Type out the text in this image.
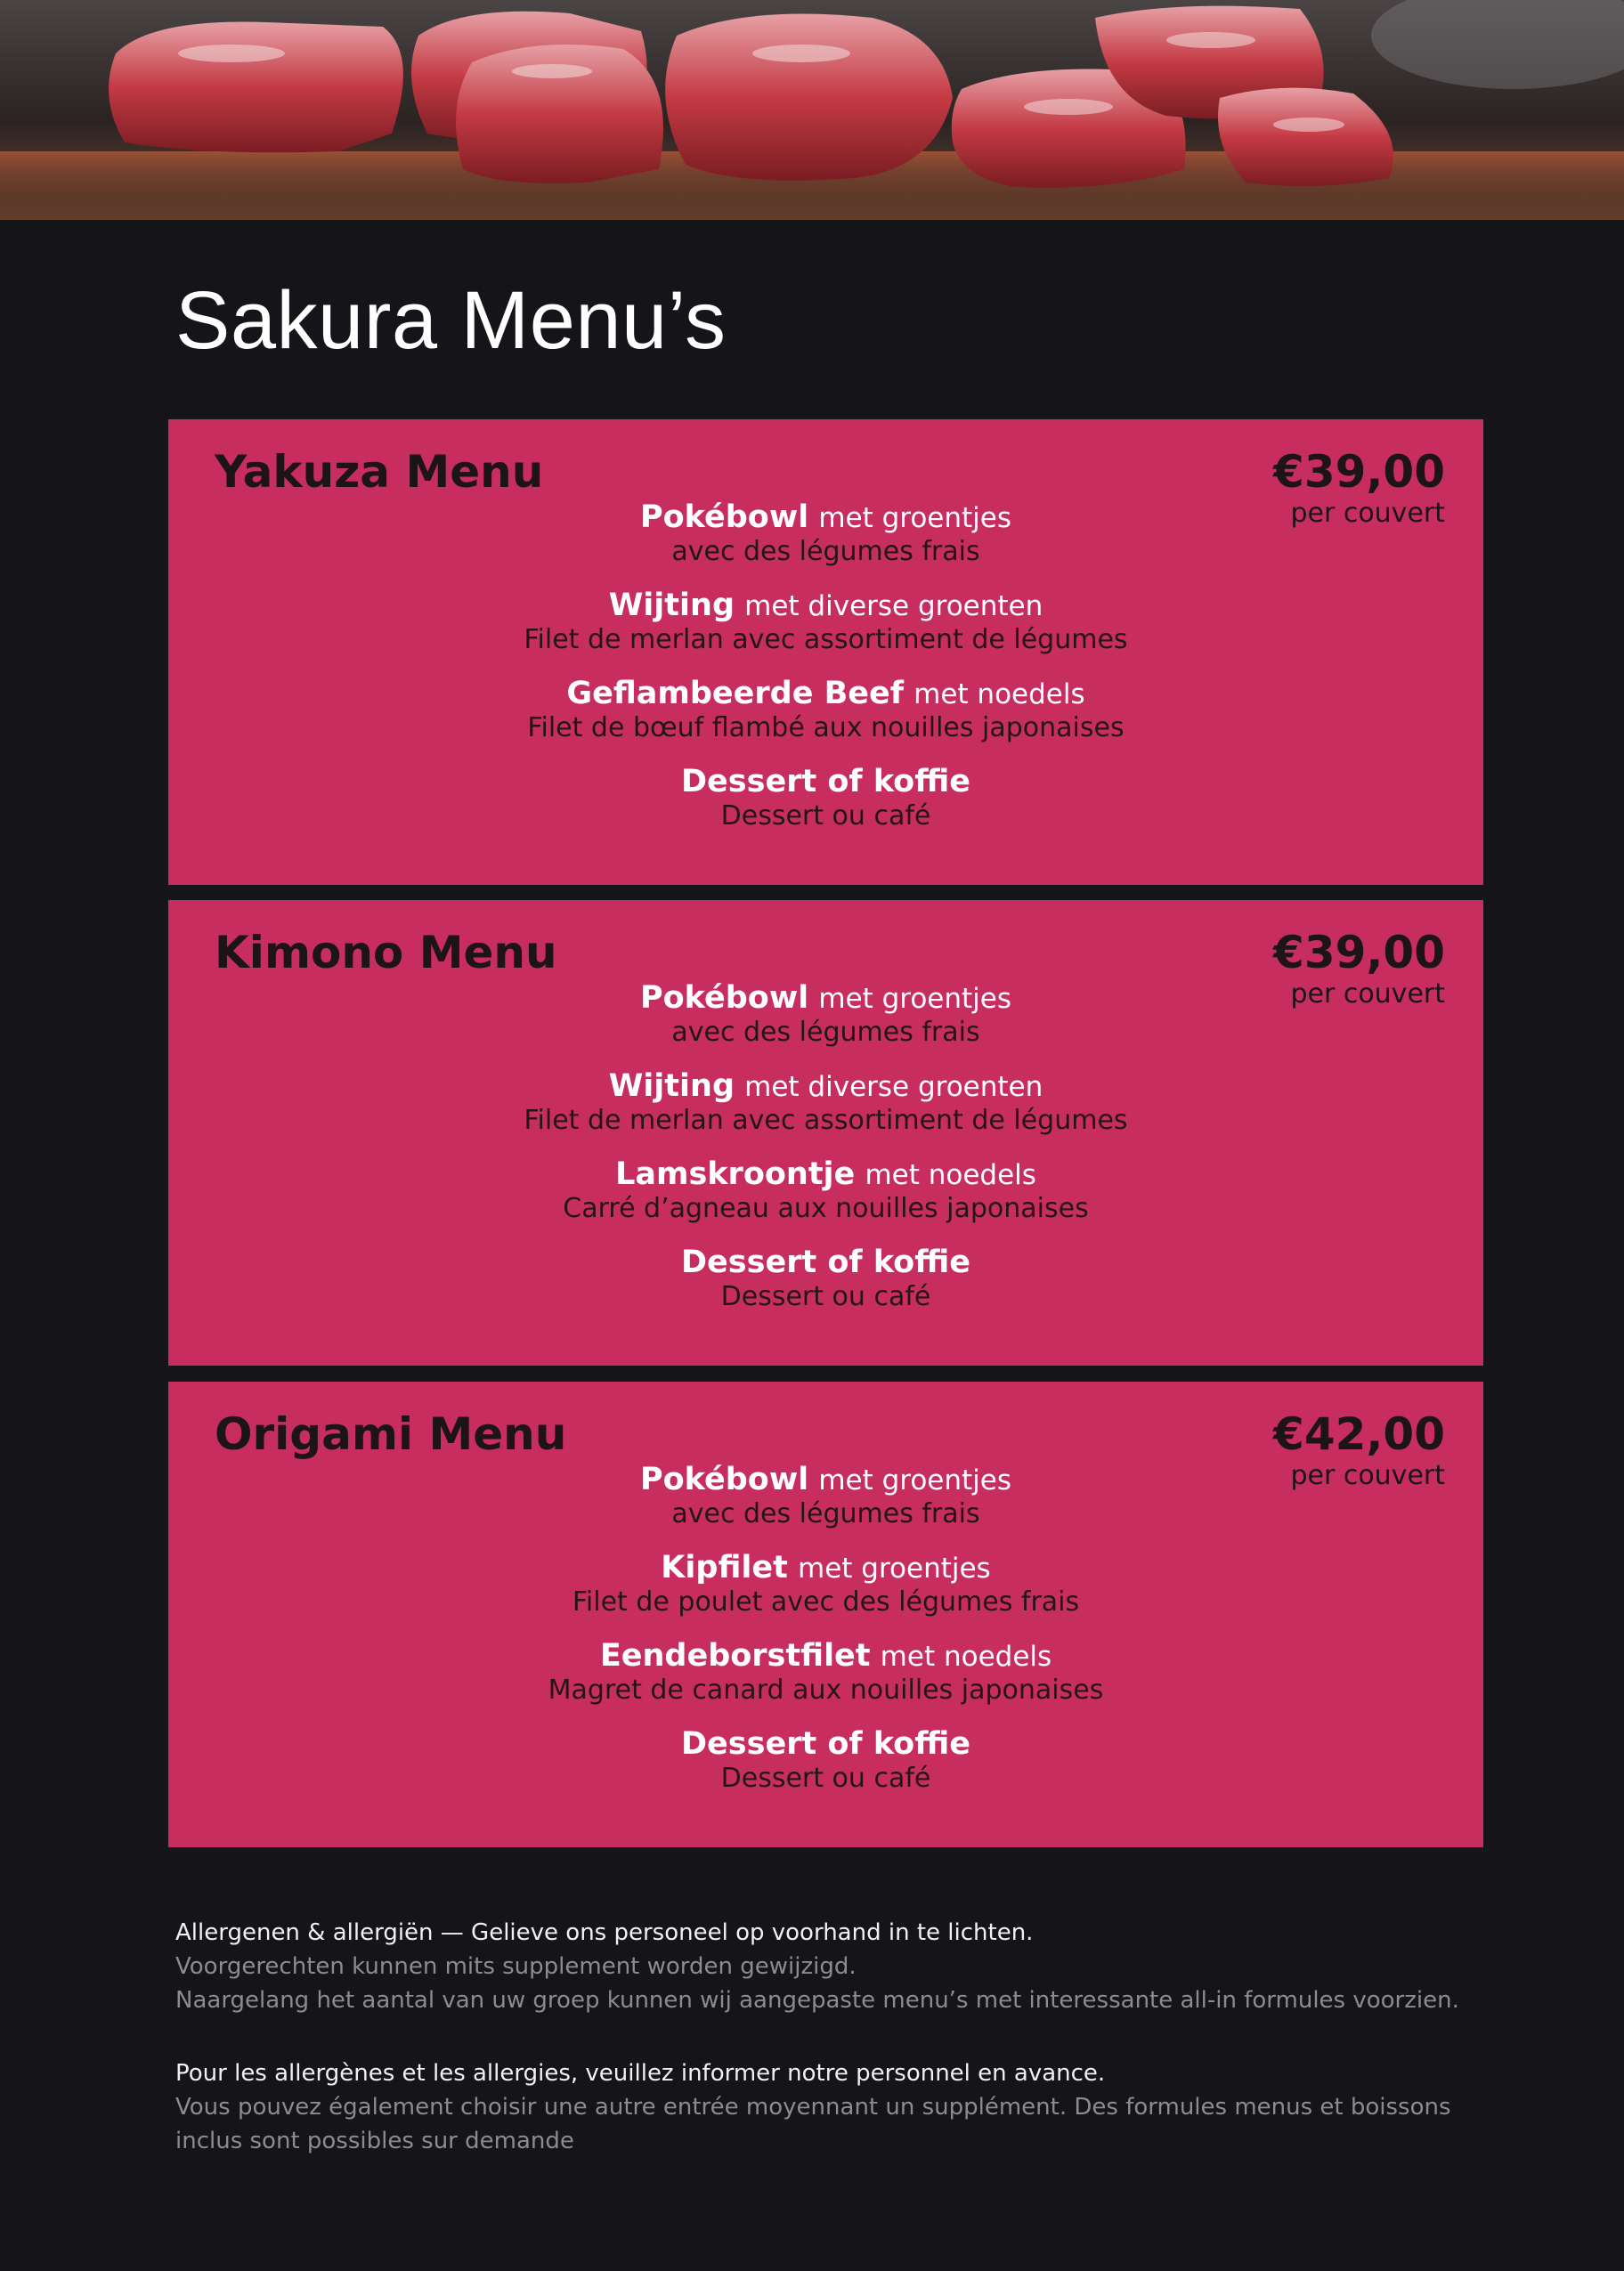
Sakura Menu’s
Yakuza Menu	€39,00
per couvert
Pokébowl met groentjes
avec des légumes frais
Wijting met diverse groenten
Filet de merlan avec assortiment de légumes
Geflambeerde Beef met noedels
Filet de bœuf flambé aux nouilles japonaises
Dessert of koffie
Dessert ou café
Kimono Menu	€39,00
per couvert
Pokébowl met groentjes
avec des légumes frais
Wijting met diverse groenten
Filet de merlan avec assortiment de légumes
Lamskroontje met noedels
Carré d’agneau aux nouilles japonaises
Dessert of koffie
Dessert ou café
Origami Menu	€42,00
per couvert
Pokébowl met groentjes
avec des légumes frais
Kipfilet met groentjes
Filet de poulet avec des légumes frais
Eendeborstfilet met noedels
Magret de canard aux nouilles japonaises
Dessert of koffie
Dessert ou café

Allergenen & allergiën — Gelieve ons personeel op voorhand in te lichten.

Voorgerechten kunnen mits supplement worden gewijzigd.

Naargelang het aantal van uw groep kunnen wij aangepaste menu’s met interessante all-in formules voorzien.

Pour les allergènes et les allergies, veuillez informer notre personnel en avance.

Vous pouvez également choisir une autre entrée moyennant un supplément. Des formules menus et boissons

inclus sont possibles sur demande
